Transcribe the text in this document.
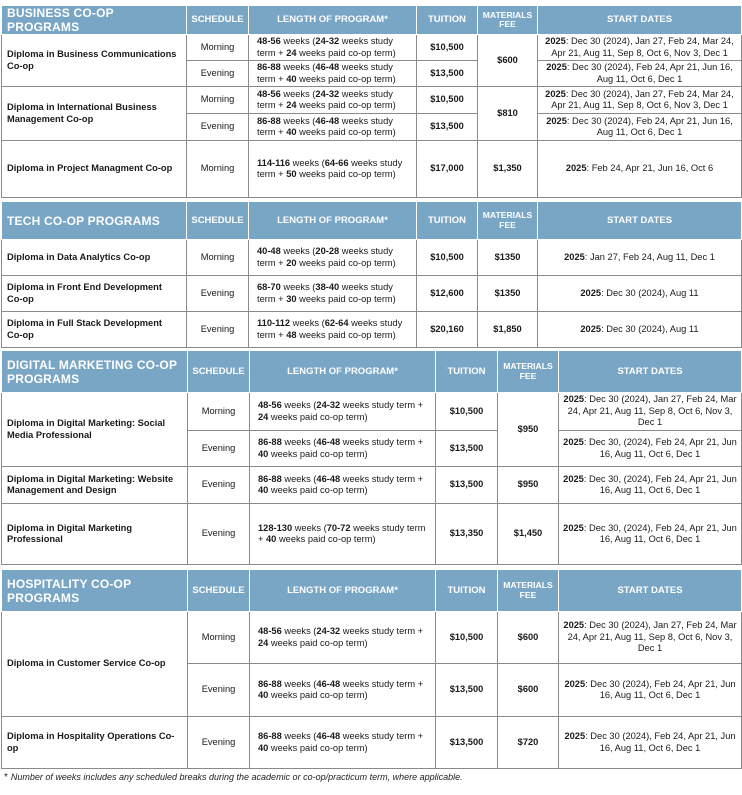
BUSINESS CO-OP PROGRAMS	SCHEDULE	LENGTH OF PROGRAM*	TUITION	MATERIALS FEE	START DATES
Diploma in Business Communications Co-op	Morning	48-56 weeks (24-32 weeks study term + 24 weeks paid co-op term)	$10,500	$600	2025: Dec 30 (2024), Jan 27, Feb 24, Mar 24, Apr 21, Aug 11, Sep 8, Oct 6, Nov 3, Dec 1
	Evening	86-88 weeks (46-48 weeks study term + 40 weeks paid co-op term)	$13,500		2025: Dec 30 (2024), Feb 24, Apr 21, Jun 16, Aug 11, Oct 6, Dec 1
Diploma in International Business Management Co-op	Morning	48-56 weeks (24-32 weeks study term + 24 weeks paid co-op term)	$10,500	$810	2025: Dec 30 (2024), Jan 27, Feb 24, Mar 24, Apr 21, Aug 11, Sep 8, Oct 6, Nov 3, Dec 1
	Evening	86-88 weeks (46-48 weeks study term + 40 weeks paid co-op term)	$13,500		2025: Dec 30 (2024), Feb 24, Apr 21, Jun 16, Aug 11, Oct 6, Dec 1
Diploma in Project Managment Co-op	Morning	114-116 weeks (64-66 weeks study term + 50 weeks paid co-op term)	$17,000	$1,350	2025: Feb 24, Apr 21, Jun 16, Oct 6
TECH CO-OP PROGRAMS	SCHEDULE	LENGTH OF PROGRAM*	TUITION	MATERIALS FEE	START DATES
Diploma in Data Analytics Co-op	Morning	40-48 weeks (20-28 weeks study term + 20 weeks paid co-op term)	$10,500	$1350	2025: Jan 27, Feb 24, Aug 11, Dec 1
Diploma in Front End Development Co-op	Evening	68-70 weeks (38-40 weeks study term + 30 weeks paid co-op term)	$12,600	$1350	2025: Dec 30 (2024), Aug 11
Diploma in Full Stack Development Co-op	Evening	110-112 weeks (62-64 weeks study term + 48 weeks paid co-op term)	$20,160	$1,850	2025: Dec 30 (2024), Aug 11
DIGITAL MARKETING CO-OP PROGRAMS	SCHEDULE	LENGTH OF PROGRAM*	TUITION	MATERIALS FEE	START DATES
Diploma in Digital Marketing: Social Media Professional	Morning	48-56 weeks (24-32 weeks study term + 24 weeks paid co-op term)	$10,500	$950	2025: Dec 30 (2024), Jan 27, Feb 24, Mar 24, Apr 21, Aug 11, Sep 8, Oct 6, Nov 3, Dec 1
	Evening	86-88 weeks (46-48 weeks study term + 40 weeks paid co-op term)	$13,500		2025: Dec 30, (2024), Feb 24, Apr 21, Jun 16, Aug 11, Oct 6, Dec 1
Diploma in Digital Marketing: Website Management and Design	Evening	86-88 weeks (46-48 weeks study term + 40 weeks paid co-op term)	$13,500	$950	2025: Dec 30, (2024), Feb 24, Apr 21, Jun 16, Aug 11, Oct 6, Dec 1
Diploma in Digital Marketing Professional	Evening	128-130 weeks (70-72 weeks study term + 40 weeks paid co-op term)	$13,350	$1,450	2025: Dec 30, (2024), Feb 24, Apr 21, Jun 16, Aug 11, Oct 6, Dec 1
HOSPITALITY CO-OP PROGRAMS	SCHEDULE	LENGTH OF PROGRAM*	TUITION	MATERIALS FEE	START DATES
Diploma in Customer Service Co-op	Morning	48-56 weeks (24-32 weeks study term + 24 weeks paid co-op term)	$10,500	$600	2025: Dec 30 (2024), Jan 27, Feb 24, Mar 24, Apr 21, Aug 11, Sep 8, Oct 6, Nov 3, Dec 1
	Evening	86-88 weeks (46-48 weeks study term + 40 weeks paid co-op term)	$13,500	$600	2025: Dec 30 (2024), Feb 24, Apr 21, Jun 16, Aug 11, Oct 6, Dec 1
Diploma in Hospitality Operations Co-op	Evening	86-88 weeks (46-48 weeks study term + 40 weeks paid co-op term)	$13,500	$720	2025: Dec 30 (2024), Feb 24, Apr 21, Jun 16, Aug 11, Oct 6, Dec 1
* Number of weeks includes any scheduled breaks during the academic or co-op/practicum term, where applicable.
